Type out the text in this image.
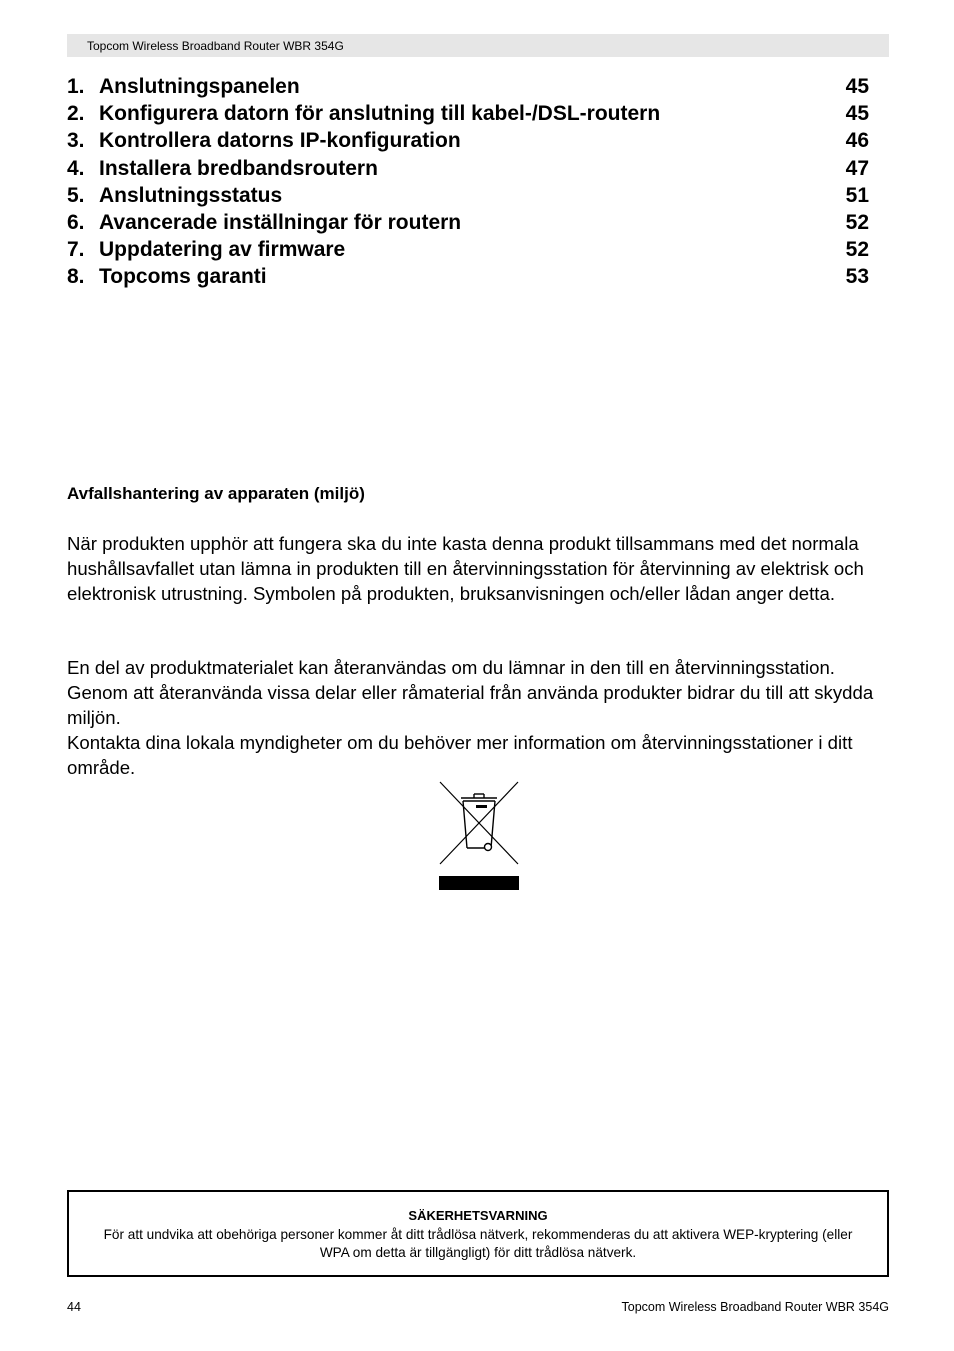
Topcom Wireless Broadband Router WBR 354G
1. Anslutningspanelen	45
2. Konfigurera datorn för anslutning till kabel-/DSL-routern	45
3. Kontrollera datorns IP-konfiguration	46
4. Installera bredbandsroutern	47
5. Anslutningsstatus	51
6. Avancerade inställningar för routern	52
7. Uppdatering av firmware	52
8. Topcoms garanti	53
Avfallshantering av apparaten (miljö)

När produkten upphör att fungera ska du inte kasta denna produkt tillsammans med det normala hushållsavfallet utan lämna in produkten till en återvinningsstation för återvinning av elektrisk och elektronisk utrustning. Symbolen på produkten, bruksanvisningen och/eller lådan anger detta.

En del av produktmaterialet kan återanvändas om du lämnar in den till en återvinningsstation. Genom att återanvända vissa delar eller råmaterial från använda produkter bidrar du till att skydda miljön.

Kontakta dina lokala myndigheter om du behöver mer information om återvinningsstationer i ditt område.

SÄKERHETSVARNING

För att undvika att obehöriga personer kommer åt ditt trådlösa nätverk, rekommenderas du att aktivera WEP-kryptering (eller WPA om detta är tillgängligt) för ditt trådlösa nätverk.

44	Topcom Wireless Broadband Router WBR 354G
